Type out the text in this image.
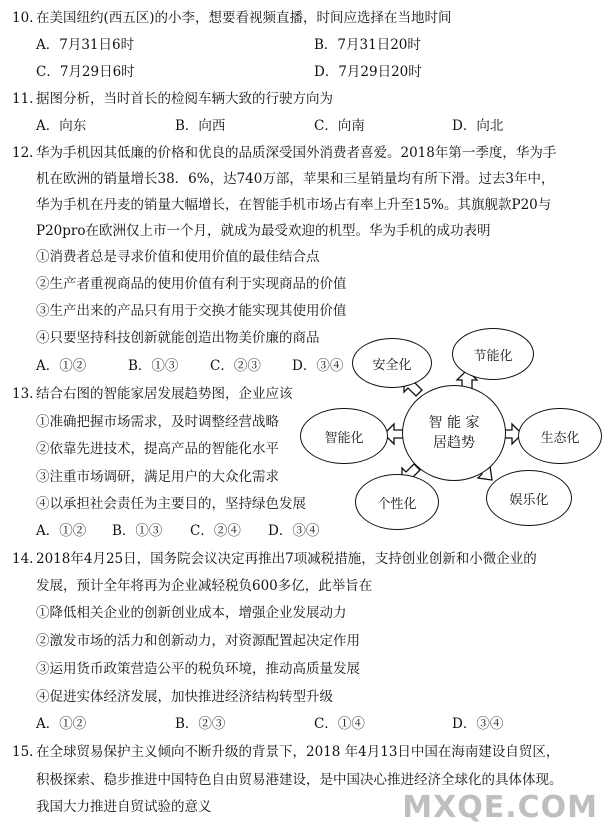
10. 在美国纽约(西五区)的小李，想要看视频直播，时间应选择在当地时间
A．7月31日6时	B．7月31日20时
C．7月29日6时	D．7月29日20时
11. 据图分析，当时首长的检阅车辆大致的行驶方向为
A．向东	B．向西	C．向南	D．向北
12. 华为手机因其低廉的价格和优良的品质深受国外消费者喜爱。2018年第一季度，华为手
机在欧洲的销量增长38．6%，达740万部，苹果和三星销量均有所下滑。过去3年中，
华为手机在丹麦的销量大幅增长，在智能手机市场占有率上升至15%。其旗舰款P20与
P20pro在欧洲仅上市一个月，就成为最受欢迎的机型。华为手机的成功表明
①消费者总是寻求价值和使用价值的最佳结合点
②生产者重视商品的使用价值有利于实现商品的价值
③生产出来的产品只有用于交换才能实现其使用价值
④只要坚持科技创新就能创造出物美价廉的商品
A．①②	B．①③ C．②③ D．③④
13. 结合右图的智能家居发展趋势图，企业应该
①准确把握市场需求，及时调整经营战略
②依靠先进技术，提高产品的智能化水平
③注重市场调研，满足用户的大众化需求
④以承担社会责任为主要目的，坚持绿色发展
A．①② B．①③ C．②④ D．③④
智 能 家
居趋势
安全化
节能化
智能化	生态化
个性化	娱乐化
14. 2018年4月25日，国务院会议决定再推出7项减税措施，支持创业创新和小微企业的
发展，预计全年将再为企业减轻税负600多亿，此举旨在
①降低相关企业的创新创业成本，增强企业发展动力
②激发市场的活力和创新动力，对资源配置起决定作用
③运用货币政策营造公平的税负环境，推动高质量发展
④促进实体经济发展，加快推进经济结构转型升级
A．①②	B．②③	C．①④	D．③④
15. 在全球贸易保护主义倾向不断升级的背景下，2018 年4月13日中国在海南建设自贸区，
积极探索、稳步推进中国特色自由贸易港建设，是中国决心推进经济全球化的具体体现。
我国大力推进自贸试验的意义	MXQE.COM
